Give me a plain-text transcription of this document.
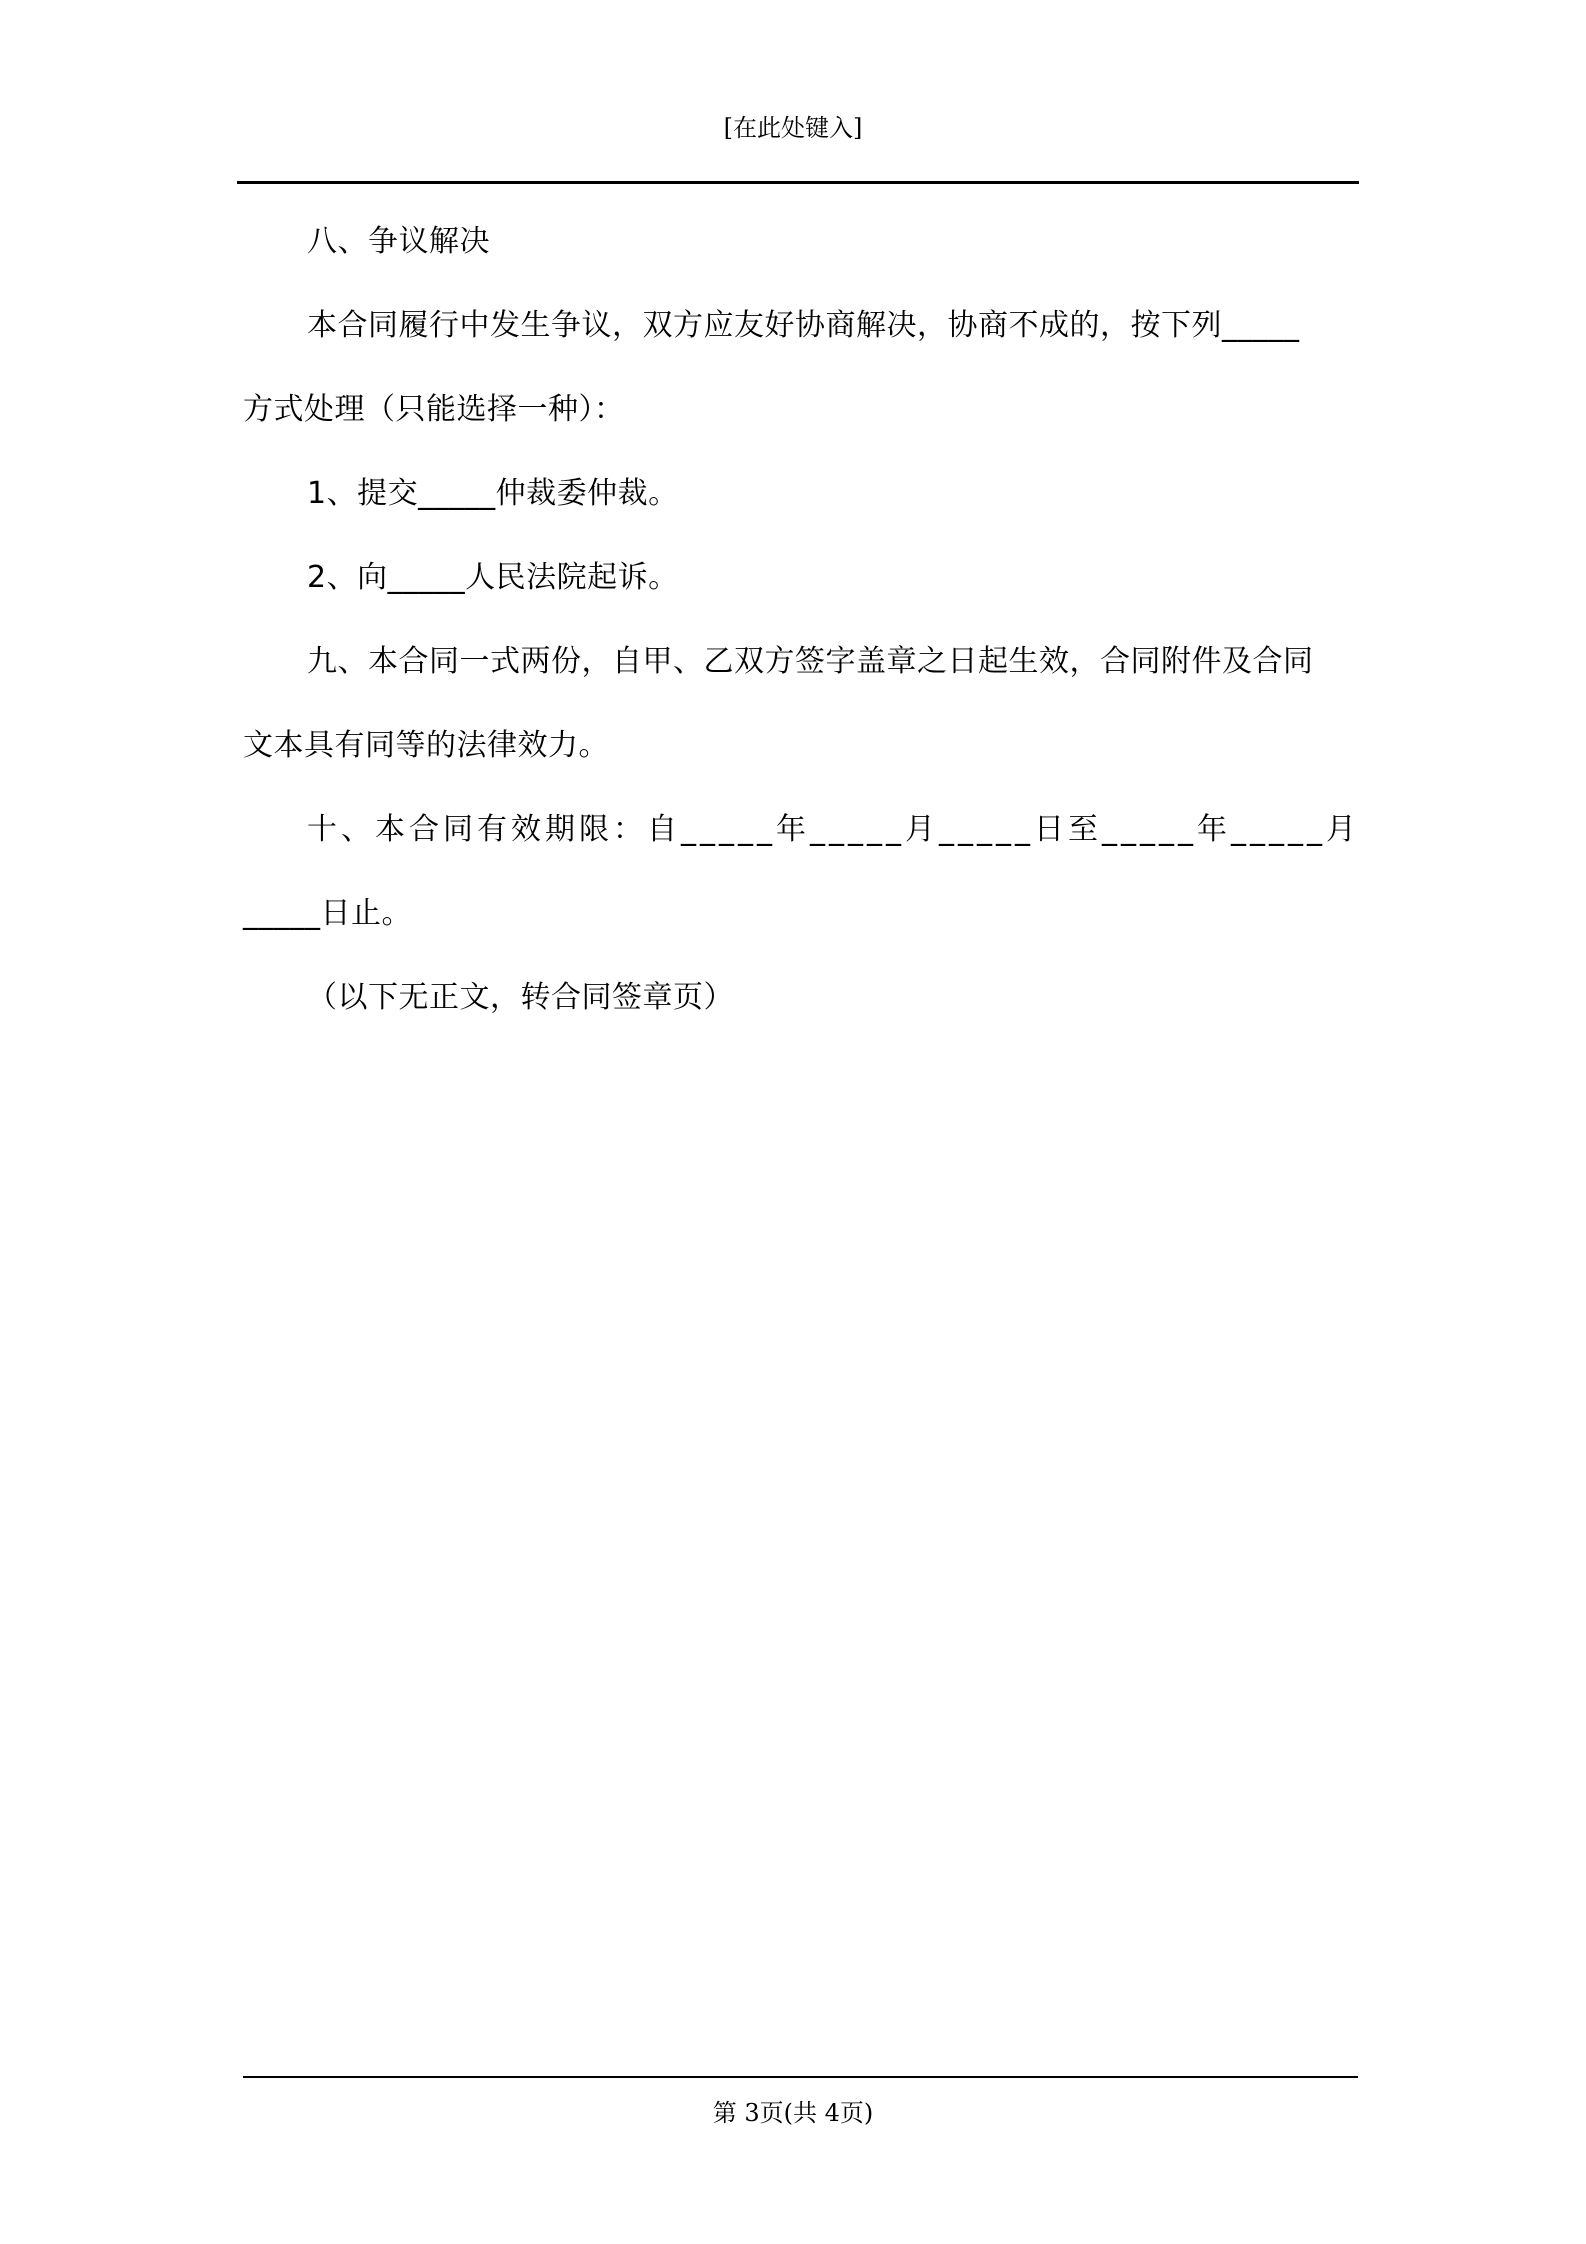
[在此处键入]

八、争议解决

本合同履行中发生争议，双方应友好协商解决，协商不成的，按下列_____

方式处理（只能选择一种）：

1、提交_____仲裁委仲裁。

2、向_____人民法院起诉。

九、本合同一式两份，自甲、乙双方签字盖章之日起生效，合同附件及合同

文本具有同等的法律效力。

十、本合同有效期限：自_____年_____月_____日至_____年_____月

_____日止。

（以下无正文，转合同签章页）

第 3页(共 4页)
